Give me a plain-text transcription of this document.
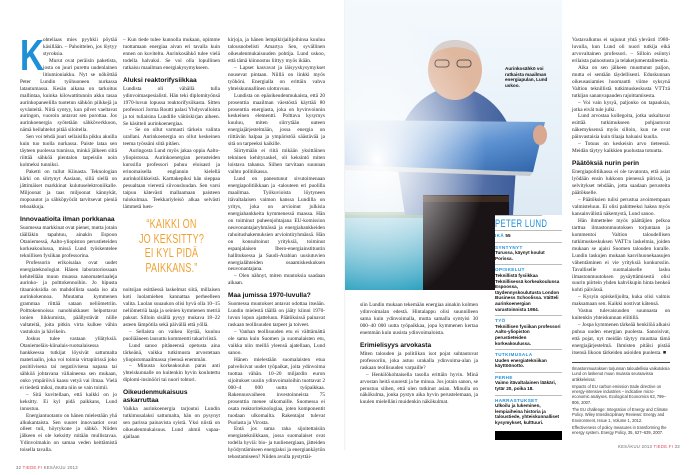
K ohteliaas mies pyyhkii pöytää käsillään. – Pahoittelen, jos löytyy styroksia.

Murut ovat peräisin paketista, josta on juuri purettu uudenlainen litiumioniakku. Nyt se nököttää Peter Lundin työhuoneen nurkassa latautumassa. Kesän aikana on tarkoitus mallintaa, kuinka kilowattitunnin akku tasaa aurinkopaneelilla tuotetun sähkön piikkejä ja syvänteitä. Niitä syntyy, kun pilvet vaeltavat auringon, vuoroin antavat sen porottaa. Jos aurinkoenergia syötetään sähköverkkoon, nämä heilahtelut pitää siloitella.

Sen voi tehdä juuri sellaisilla pikku akuilla kuin tuo tuolla nurkassa. Paiste lataa sen täyteen puolessa tunnissa, minkä jälkeen siitä riittää sähköä pientalon tarpeisiin noin kolmeksi tunniksi.

Paketti on tullut Kiinasta. Teknologian kärki on siirtynyt Aasiaan, sillä siellä on jättimäiset markkinat kulutuselektroniikalle. Miljoonat ja taas miljoonat kännykät, mopoautot ja sähköpyörät tarvitsevat pieniä tehoakkuja.

Innovaatioita ilman porkkanaa

Suomessa markkinat ovat pienet, mutta jotain täälläkin tapahtuu, ainakin Espoon Otaniemessä, Aalto-yliopiston perustieteiden korkeakoulussa, missä Lund työskentelee teknillisen fysiikan professorina.

Professorin erikoisalaa ovat uudet energiateknologiat. Hänen laboratoriossaan kehitellään muun muassa nanomateriaaleja aurinko- ja polttokennoihin. Jo hipusta titaanioksidia on mahdollista saada iso ala aurinkokennoa. Muutama kymmenen grammaa riittää sataan neliömetriin. Polttokennoissa nanohiukkaset helpottavat ionien liikkumista, päällystävät niille valtateitä, joita pitkin virta kulkee vähin vastuksin ja hävikein.

Joskus tulee vastaan yllätyksiä. Otaniemeläis-kiinalais-ruotsalaisessa hankkeessa tutkijat löysivät sattumalta materiaalin, joka voi toimia virtapiirissä joko positiivisena tai negatiivisena napana tai sähköä johtavana väliaineena sen mukaan, onko ympäröivä kaasu vetyä vai ilmaa. Vielä ei tiedetä miksi, mutta niin se vain toimii.

– Sitä kuvitellaan, että kaikki on jo keksitty. Ei kyl pidä paikkans, Lund innostuu.

Energiantuotanto on hänen mielestään yhä alkukantaista. Sen suuret innovaatiot ovat olleet tuli, höyrykone ja sähkö. Niiden jälkeen ei ole keksitty mitään mullistavaa. Ydinvoimakin on samaa veden keittämistä toisella tavalla.

– Kun tiede tulee kunnolla mukaan, opimme tuottamaan energiaa aivan eri tavalla kuin ennen on kuviteltu. Aurinkosähkö tulee vielä todella halvaksi. Se voi olla lopullinen ratkaisu maailman energiakysymykseen.

Aluksi reaktorifysiikkaa

Lundista oli vähällä tulla ydinvoimaspesialisti. Hän teki diplomityönsä 1970-luvun lopussa reaktorifysiikasta. Sitten professori Jorma Routti palasi Yhdysvalloista ja toi tuliaisina Lundille väitöskirjan aiheen. Se käsitteli aurinkoenergiaa.

– Se on ollut varmasti tärkein valinta urallani. Aurinkoenergia on ollut keskeinen teema työssäni siitä pitäen.

Auringosta Lund myös jakaa oppia Aalto-yliopistossa. Aurinkoenergian perusteiden kurssilla professori puhuu eloisasti ja erinomaisella englannin kielellä aurinkoliikkeistä. Karttakepiksi hän sieppaa pesualtaan vierestä siivousluudan. Sen varsi taipuu kätevästi mallaamaan paisteen tulokulmaa. Teekkariyleisö alkaa selvästi lämmetä luen-

“KAIKKI ON
JO KEKSITTY?
EI KYL PIDÄ
PAIKKANS.”

noitsijan esittäessä laskelmat siitä, millaisen koti luolamiehen kannattaa perheelleen valita. Luolan suuaukon olisi hyvä olla 10–15 neliömetriä laaja ja seinien kymmenen metriä paksut. Silloin sisällä pysyy mukava 18–22 asteen lämpötila sekä päivällä että yöllä.

– Sellaista on vaikea löytää, kuuluu puoliääneen lausuttu kommentti takariviistä.

Lund sanoo pitäneensä opetusta aina tärkeänä, vaikka tutkimusta arvostetaan yliopistomaailmassa yleensä enemmän.

– Minusta korkeakoulun paras anti yhteiskunnalle on kuitenkin hyvin koulutettu diplomi-insinööri tai nuori tohtori.

Oikeudenmukaisuus askarruttaa

Vaikka aurinkoenergia tarjoutui Lundin tutkimusalaksi sattumalta, hän on pysynyt sen parissa painavista syistä. Yksi niistä on oikeudenmukaisuus. Lund ahmii vapaa-ajallaan

kirjoja, ja hänen lempikirjailijoihinsa kuuluu talousnobelisti Amartya Sen, syvällinen oikeudenmukaisuuden pohtija. Lund uskoo, että tämä kiinnostus liittyy myös ikään.

– Lapset kasvavat ja iäisyyskysymykset nousevat pintaan. Niillä on linkki myös työhöni. Energialla on erittäin vahva yhteiskunnallinen ulottuvuus.

Lundista on epäoikeudenmukaista, että 20 prosenttia maailman väestöstä käyttää 80 prosenttia energiasta, joka on hyvinvoinnin keskeinen elementti. Polttava kysymys kuuluu, miten siirrytään uuteen energiajärjestelmään, jossa energia on riittävän halpaa ja ympäristöä säästävää ja sitä on tarpeeksi kaikille.

Siirtymään ei riitä mikään yksittäinen tekninen kehitysaskel, oli keksintö miten loistava tahansa. Siihen tarvitaan suunnan vaihto politiikassa.

Lund on paneutunut sivutoimenaan energiapolitiikkaan ja -talouteen eri puolilla maailmaa. Työkuvioista löytyneen itävaltalaisen vaimon kanssa Lundilla on yritys, joka on arvioinut julkisia energiahankkeita kymmenessä maassa. Hän on toiminut puheenjohtajana EU-komission neuvonantajaryhmässä ja energiahankkeiden rahoitushakemuksien arviointiryhmässä. Hän on konsultoinut yrityksiä, toiminut espanjalaisen Ibero-energiainstituutin hallituksessa ja Saudi-Arabian uusiutuvien energialähteiden osaamiskeskuksen neuvonantajana.

– Olen nähnyt, miten muutoksia saadaan aikaan.

Maa jumissa 1970-luvulla?

Suomessa muutokset antavat odottaa itseään. Lundin mielestä täällä on jääty kiinni 1970-luvun lopun ajatteluun. Päätöksissä painavat raskaan teollisuuden tarpeet ja toiveet.

– Vanhan teollisuuden etu ei välttämättä ole sama kuin Suomen ja suomalaisten etu, vaikka niin meillä yleensä ajatellaan, Lund sanoo.

Hänen mielestään suomalaisten etua palvelisivat uudet työpaikat, joita ydinvoima tuottaa vähän. 10–20 miljardin euron sijoitukset uusiin ydinvoimaloihin tuottavat 2 000–4 000 uutta työpaikkaa. Rakennusvaiheen investoinneista 75 prosenttia menee ulkomaille. Suomessa ei osata reaktoriteknologiaa, joten komponentit tuodaan ulkomailta. Rakentajat tulevat Puolasta ja Virosta.

Entä jos sama raha sijoitettaisiin energiatekniikkaan, jossa suomalaiset ovat todella hyviä: bio- ja tuulienergiaan, jätteiden hyödyntämiseen energiaksi ja energiankäytön tehostamiseen? Niiden avulla pystyttäi-

32 TIEDE.FI KESÄKUU 2013
Aurinkosähkö voi ratkaista maailman energiapulan, Lund uskoo.
PETER LUND
IKÄ 55
SYNTYNYT
Turussa, käynyt koulut Porissa.
OPISKELUT
Teknillistä fysiikkaa Teknillisessä korkeakoulussa Espoossa, täydennyskoulutusta London Business Schoolissa. Väitteli aurinkoenergian varastoinnista 1984.
TYÖ
Teknillisen fysiikan professori Aalto-yliopiston perustieteiden korkeakoulussa.
TUTKIMUSALA
Uuden energiatekniikan käyttöönotto.
PERHE
Vaimo itävaltalainen lääkäri, tytär 20, poika 18.
HARRASTUKSET
Ulkoilu ja lukeminen, lempiaiheina historia ja taloustiede, yhteiskunnalliset kysymykset, kulttuuri.

siin Lundin mukaan tekemään energiaa ainakin kolmen ydinvoimalan edestä. Hintalappu olisi suunnilleen sama kuin ydinvoimalla, mutta samalla syntyisi 30 000–40 000 uutta työpaikkaa, jopa kymmenen kertaa enemmän kuin uusista ydinvoimaloista.

Erimielisyys arvokasta

Miten talouden ja politiikan isot pojat suhtautuvat professoriin, joka astuu urakalla ydinvoima-alan ja raskaan teollisuuden varpaille?

– Henkilökohtaisella tasolla erittäin hyvin. Minä arvostan heitä suuresti ja he minua. Jos jotain sanon, se perustuu siihen, että olen tutkinut asian. Minulla on näkökulma, jonka pystyn aika hyvin perustelemaan, ja kuulen mielelläni muidenkin näkökulmat.

Vastavalkutus ei sujunut yhtä ylevästi 1980-luvulla, kun Lund oli nuori tutkija eikä arvovaltainen professori. – Silloin esiintyi erilaista painostusta ja telaketjumentaliteettia.

Aika on sen jälkeen muuttunut paljon, mutta ei sentään täydellisesti. Eduskunnan oikeusasiamies huomautti viime syksynä Valtion teknillistä tutkimuskeskusta VTT:tä tutkijan sananvapauden rajoittamisesta.

– Voi vain kysyä, paljonko on tapauksia, jotka eivät tule julki.

Lund arvostaa kollegoita, jotka uskaltavat esittää tutkimukseen pohjautuvat näkemyksensä myös silloin, kun ne ovat päinvastaisia kuin tilaaja haluaisi kuulla.

– Totuus on keskeisin arvo tieteessä. Meidän täytyy kaikkien puolustaa totuutta.

Päätöksiä nurin perin

Energiapolitiikassa ei ole tavatonta, että asiat lyödään ensin lukkoon pienessä piirissä, ja selvitykset tehdään, jotta saadaan perusteita päätökselle.

– Päätöksien tulisi perustua avoimempaan valmisteluun. Ei olisi pahitteeksi hakea myös kansainvälistä näkemystä, Lund sanoo.

Hän ihmettelee myös päättäjien pelkoa tarttua ilmastonmuutoksen torjuntaan ja kommentoi Valtion taloudellisen tutkimuskeskuksen VATT:n laskelmia, joiden mukaan se ajaisi Suomen talouden kuralle. Lundin laskujen mukaan kasvihuonekaasujen vähentäminen ei vie yrityksiä konkurssiin. Tavalliselle suomalaiselle lasku ilmastonmuutoksen pysäyttämisestä olisi suurin piirtein yhden kahvikupin hinta henkeä kohti päivässä.

– Kysyin opiskelijoilta, kuka olisi valmis maksamaan sen. Kaikki nostivat kätensä.

Vastuu tulevaisuuden suunnasta on kuitenkin yhteiskunnan eliitillä.

– Jospa kymmenen tärkeää henkilöä alkaisi puhua uuden energian puolesta. Sanoisivat, että pojat, nyt meidän täytyy muuttaa tämä energiajärjestelmä. Ihmisten pitäisi pistää itsensä likoon tärkeiden asioiden puolesta. ■

Ilmastonmuutoksen torjunnan taloudellisia vaikutuksia Lund on laskenut muun muassa seuraavissa artikkeleissa:

Impacts of EU carbon emission trade directive on energy-intensive industries – indicative micro-economic analyses. Ecological Economics 63, 799–806, 2007.

The EU challenge: Integration of Energy and Climate Policy. Wiley Interdisciplinary Reviews: Energy and Environment, Issue 1, Volume 1, 2012.

Effectiveness of policy measures in transforming the energy system. Energy Policy, 35, 627–639, 2007.

KESÄKUU 2013 TIEDE.FI 33
